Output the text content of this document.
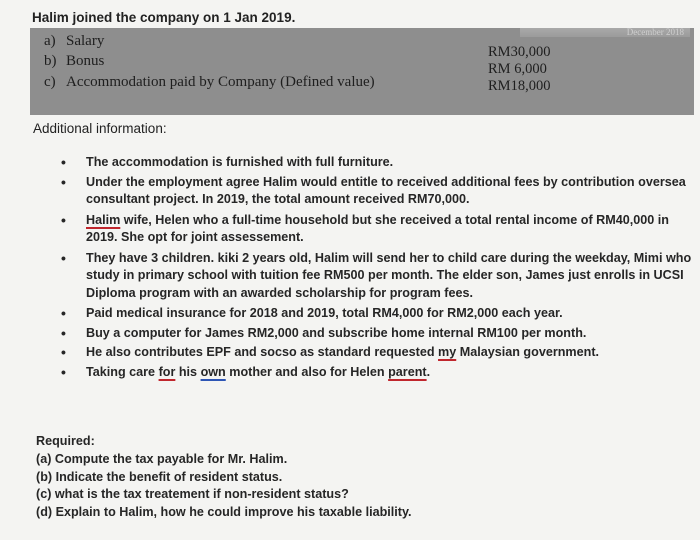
Halim joined the company on 1 Jan 2019.
December 2018
a) Salary
b) Bonus
c) Accommodation paid by Company (Defined value)
RM30,000
RM 6,000
RM18,000
Additional information:
• The accommodation is furnished with full furniture.
• Under the employment agree Halim would entitle to received additional fees by contribution oversea consultant project. In 2019, the total amount received RM70,000.
• Halim wife, Helen who a full-time household but she received a total rental income of RM40,000 in 2019. She opt for joint assessement.
• They have 3 children. kiki 2 years old, Halim will send her to child care during the weekday, Mimi who study in primary school with tuition fee RM500 per month. The elder son, James just enrolls in UCSI Diploma program with an awarded scholarship for program fees.
• Paid medical insurance for 2018 and 2019, total RM4,000 for RM2,000 each year.
• Buy a computer for James RM2,000 and subscribe home internal RM100 per month.
• He also contributes EPF and socso as standard requested my Malaysian government.
• Taking care for his own mother and also for Helen parent.
Required:
(a) Compute the tax payable for Mr. Halim.
(b) Indicate the benefit of resident status.
(c) what is the tax treatement if non-resident status?
(d) Explain to Halim, how he could improve his taxable liability.
